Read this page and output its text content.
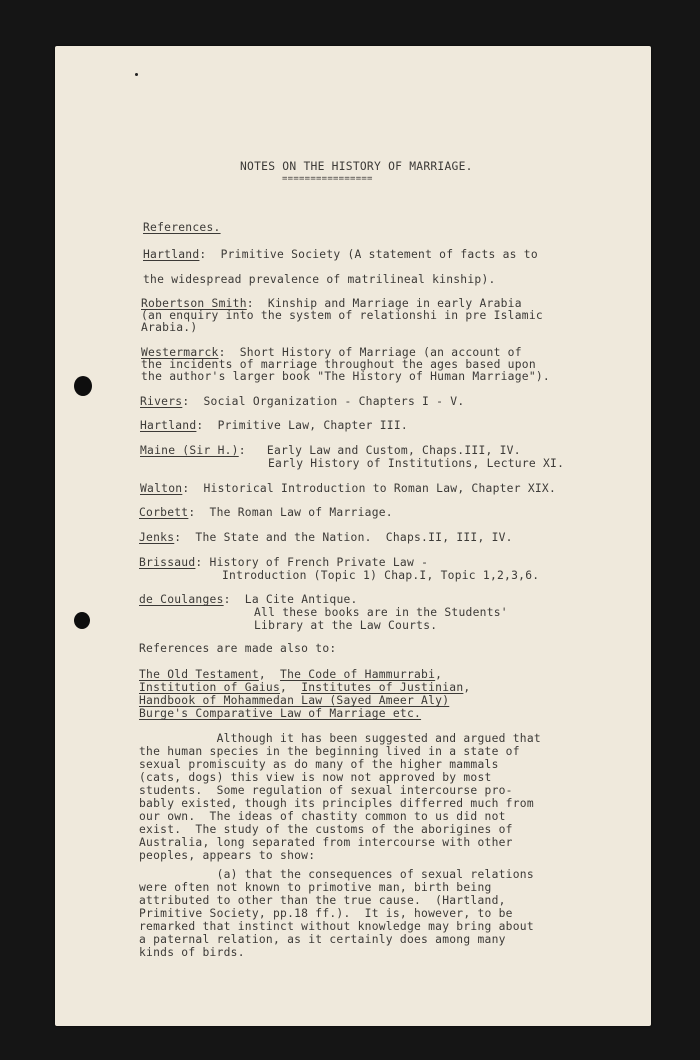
NOTES ON THE HISTORY OF MARRIAGE.
================
References.
Hartland:  Primitive Society (A statement of facts as to
the widespread prevalence of matrilineal kinship).
Robertson Smith:  Kinship and Marriage in early Arabia
(an enquiry into the system of relationshi in pre Islamic
Arabia.)
Westermarck:  Short History of Marriage (an account of
the incidents of marriage throughout the ages based upon
the author's larger book "The History of Human Marriage").
Rivers:  Social Organization - Chapters I - V.
Hartland:  Primitive Law, Chapter III.
Maine (Sir H.):   Early Law and Custom, Chaps.III, IV.
Early History of Institutions, Lecture XI.
Walton:  Historical Introduction to Roman Law, Chapter XIX.
Corbett:  The Roman Law of Marriage.
Jenks:  The State and the Nation.  Chaps.II, III, IV.
Brissaud: History of French Private Law -
Introduction (Topic 1) Chap.I, Topic 1,2,3,6.
de Coulanges:  La Cite Antique.
All these books are in the Students'
Library at the Law Courts.
References are made also to:
The Old Testament,  The Code of Hammurrabi,
Institution of Gaius,  Institutes of Justinian,
Handbook of Mohammedan Law (Sayed Ameer Aly)
Burge's Comparative Law of Marriage etc.
Although it has been suggested and argued that
the human species in the beginning lived in a state of
sexual promiscuity as do many of the higher mammals
(cats, dogs) this view is now not approved by most
students.  Some regulation of sexual intercourse pro-
bably existed, though its principles differred much from
our own.  The ideas of chastity common to us did not
exist.  The study of the customs of the aborigines of
Australia, long separated from intercourse with other
peoples, appears to show:
(a) that the consequences of sexual relations
were often not known to primotive man, birth being
attributed to other than the true cause.  (Hartland,
Primitive Society, pp.18 ff.).  It is, however, to be
remarked that instinct without knowledge may bring about
a paternal relation, as it certainly does among many
kinds of birds.
